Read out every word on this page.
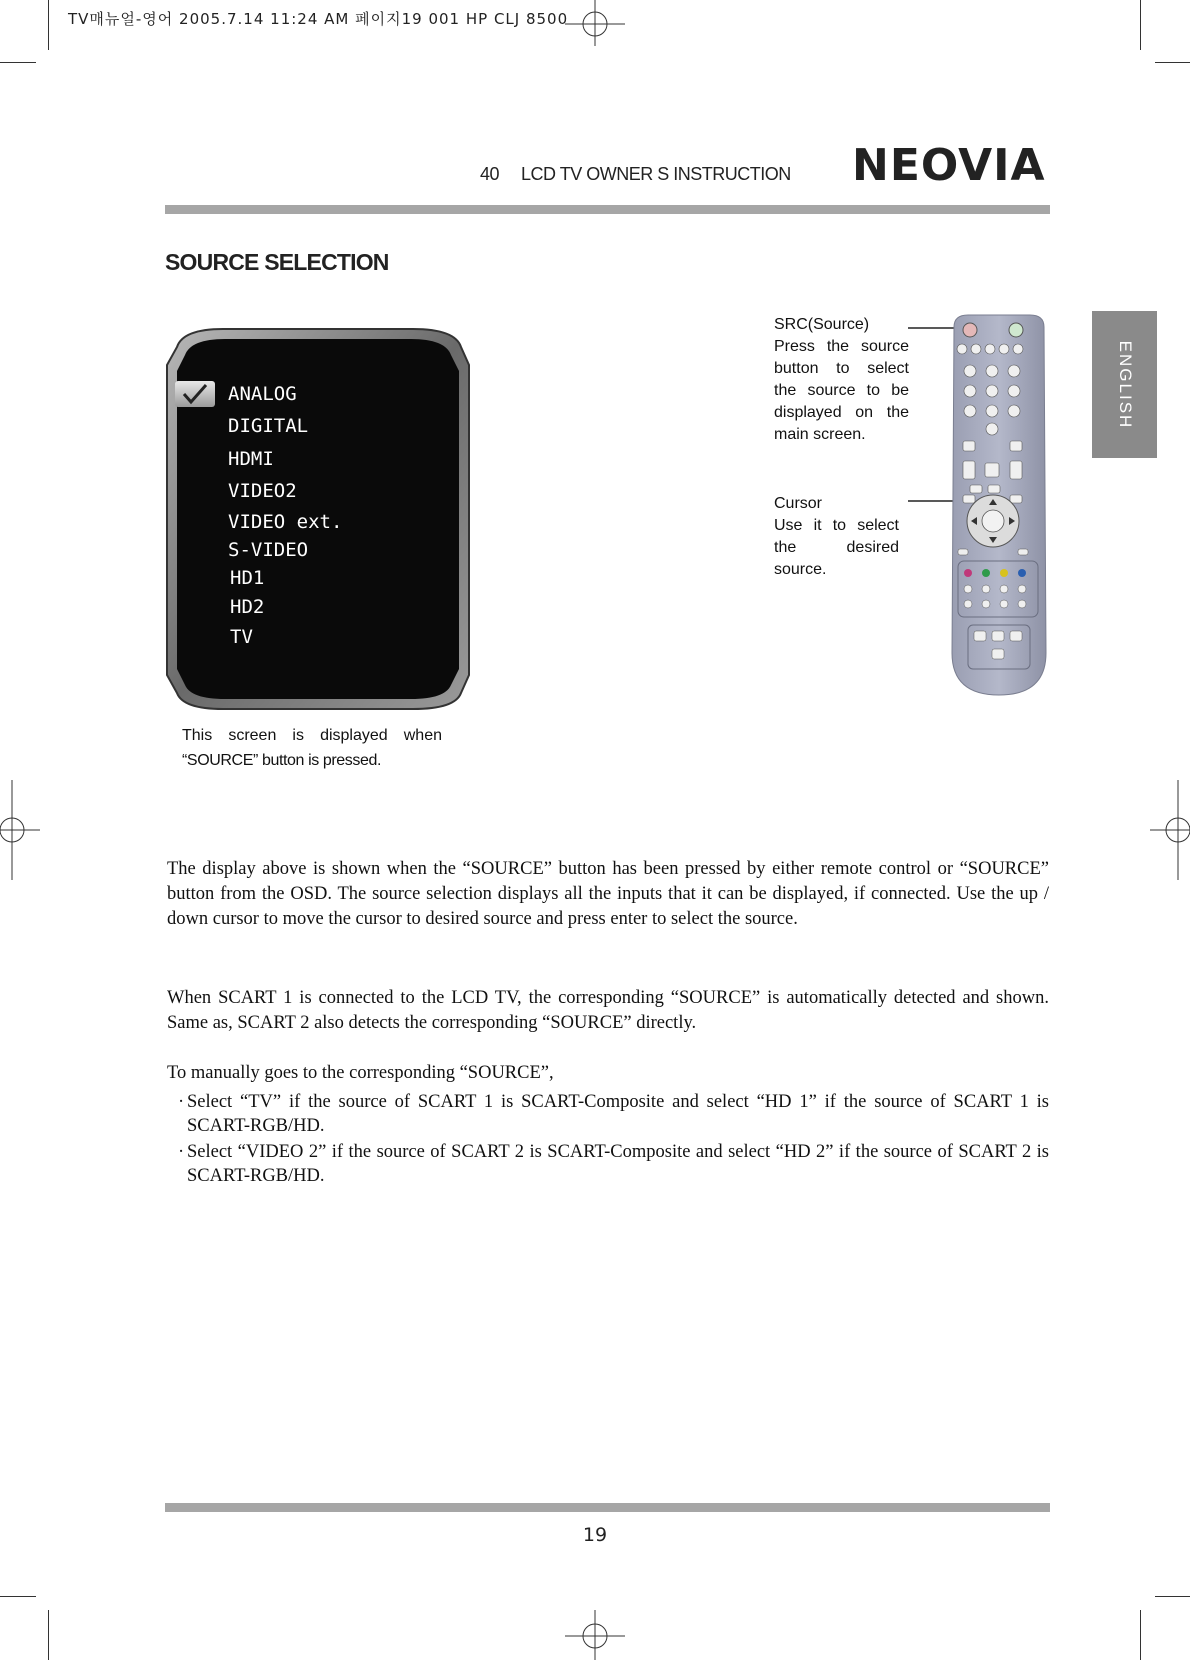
TV매뉴얼-영어 2005.7.14 11:24 AM 페이지19 001 HP CLJ 8500
40 LCD TV OWNER S INSTRUCTION NEOVIA
ENGLISH
SOURCE SELECTION
ANALOG
DIGITAL
HDMI
VIDEO2
VIDEO ext.
S-VIDEO
HD1
HD2
TV
This screen is displayed when
“SOURCE” button is pressed.
SRC(Source)
Press the source button to select the source to be displayed on the main screen.
Cursor
Use it to select the desired source.
The display above is shown when the “SOURCE” button has been pressed by either remote control or “SOURCE” button from the OSD. The source selection displays all the inputs that it can be displayed, if connected. Use the up / down cursor to move the cursor to desired source and press enter to select the source.
When SCART 1 is connected to the LCD TV, the corresponding “SOURCE” is automatically detected and shown. Same as, SCART 2 also detects the corresponding “SOURCE” directly.
To manually goes to the corresponding “SOURCE”,
· Select “TV” if the source of SCART 1 is SCART-Composite and select “HD 1” if the source of SCART 1 is SCART-RGB/HD.
· Select “VIDEO 2” if the source of SCART 2 is SCART-Composite and select “HD 2” if the source of SCART 2 is SCART-RGB/HD.
19
